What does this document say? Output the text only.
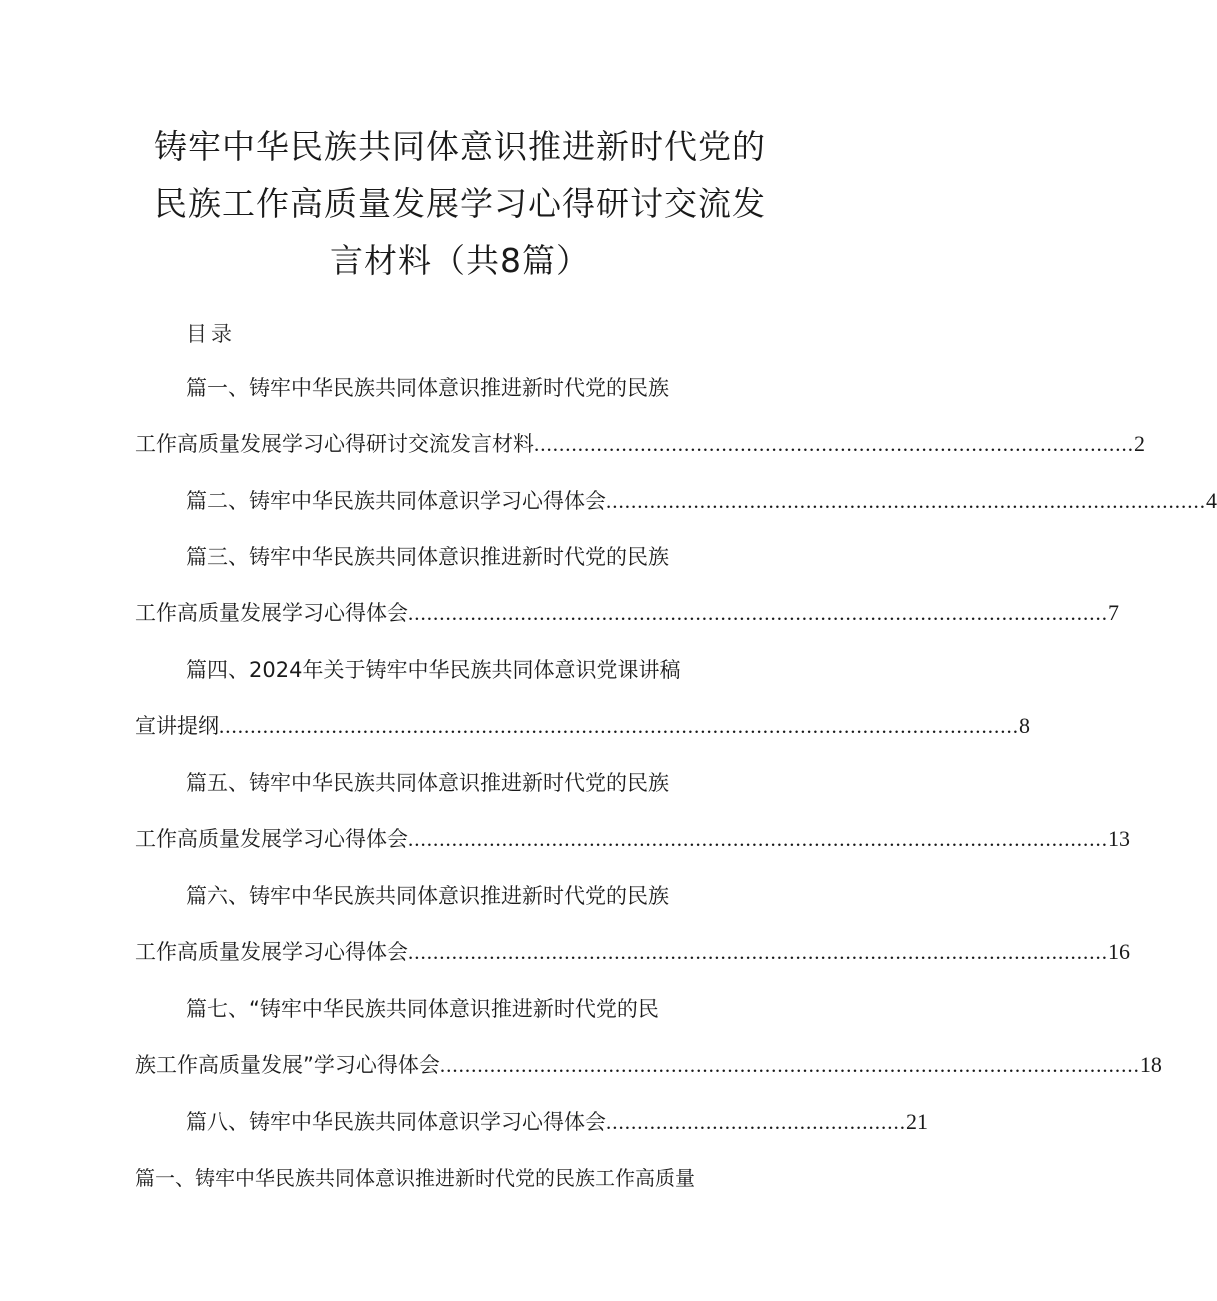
铸牢中华民族共同体意识推进新时代党的
民族工作高质量发展学习心得研讨交流发
言材料（共8篇）
目录
篇一、铸牢中华民族共同体意识推进新时代党的民族
工作高质量发展学习心得研讨交流发言材料 ................................................................................................ 2
篇二、铸牢中华民族共同体意识学习心得体会 ................................................................................................ 4
篇三、铸牢中华民族共同体意识推进新时代党的民族
工作高质量发展学习心得体会 ................................................................................................................ 7
篇四、2024年关于铸牢中华民族共同体意识党课讲稿
宣讲提纲 ................................................................................................................................ 8
篇五、铸牢中华民族共同体意识推进新时代党的民族
工作高质量发展学习心得体会 ................................................................................................................ 13
篇六、铸牢中华民族共同体意识推进新时代党的民族
工作高质量发展学习心得体会 ................................................................................................................ 16
篇七、“铸牢中华民族共同体意识推进新时代党的民
族工作高质量发展”学习心得体会 ................................................................................................................ 18
篇八、铸牢中华民族共同体意识学习心得体会 ................................................ 21
篇一、铸牢中华民族共同体意识推进新时代党的民族工作高质量
